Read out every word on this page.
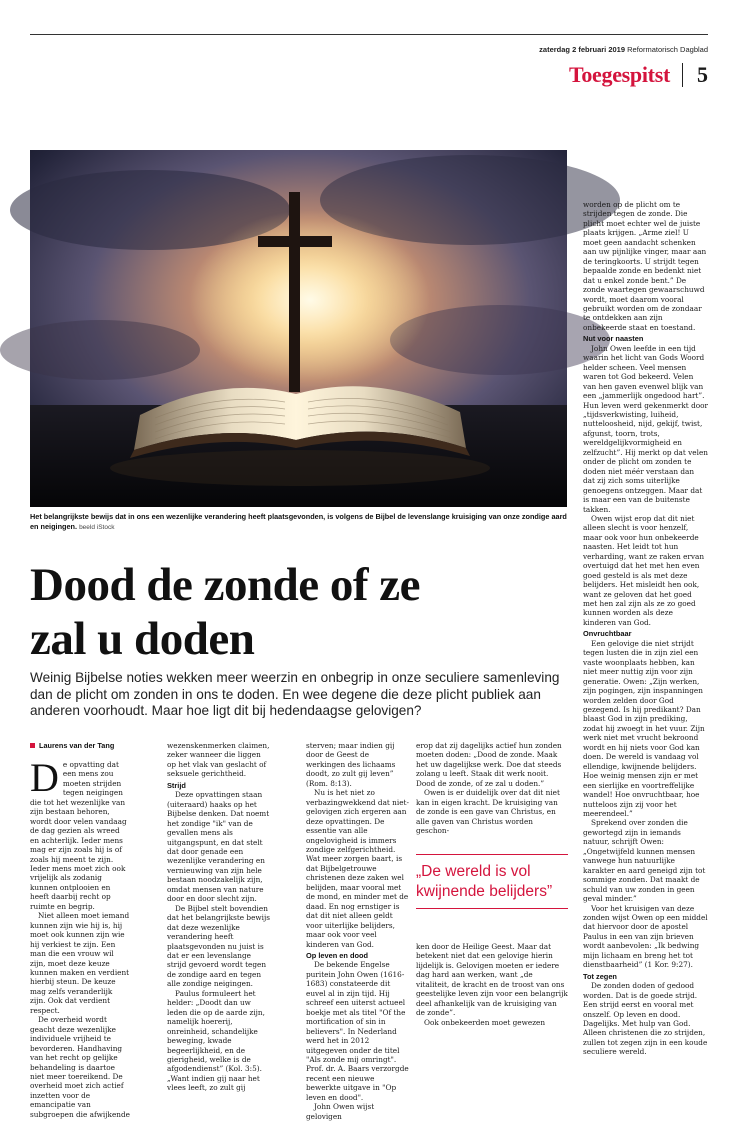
zaterdag 2 februari 2019 Reformatorisch Dagblad
Toegespitst 5
Het belangrijkste bewijs dat in ons een wezenlijke verandering heeft plaatsgevonden, is volgens de Bijbel de levenslange kruisiging van onze zondige aard en neigingen. beeld iStock
Dood de zonde of ze
zal u doden
Weinig Bijbelse noties wekken meer weerzin en onbegrip in onze seculiere samenleving dan de plicht om zonden in ons te doden. En wee degene die deze plicht publiek aan anderen voorhoudt. Maar hoe ligt dit bij hedendaagse gelovigen?
Laurens van der Tang

De opvatting dat een mens zou moeten strijden tegen neigingen die tot het wezenlijke van zijn bestaan behoren, wordt door velen vandaag de dag gezien als wreed en achterlijk. Ieder mens mag er zijn zoals hij is of zoals hij meent te zijn. Ieder mens moet zich ook vrijelijk als zodanig kunnen ontplooien en heeft daarbij recht op ruimte en begrip.

Niet alleen moet iemand kunnen zijn wie hij is, hij moet ook kunnen zijn wie hij verkiest te zijn. Een man die een vrouw wil zijn, moet deze keuze kunnen maken en verdient hierbij steun. De keuze mag zelfs veranderlijk zijn. Ook dat verdient respect.

De overheid wordt geacht deze wezenlijke individuele vrijheid te bevorderen. Handhaving van het recht op gelijke behandeling is daartoe niet meer toereikend. De overheid moet zich actief inzetten voor de emancipatie van subgroepen die afwijkende

wezenskenmerken claimen, zeker wanneer die liggen op het vlak van geslacht of seksuele gerichtheid.

Strijd

Deze opvattingen staan (uiteraard) haaks op het Bijbelse denken. Dat noemt het zondige "ik" van de gevallen mens als uitgangspunt, en dat stelt dat door genade een wezenlijke verandering en vernieuwing van zijn hele bestaan noodzakelijk zijn, omdat mensen van nature door en door slecht zijn.

De Bijbel stelt bovendien dat het belangrijkste bewijs dat deze wezenlijke verandering heeft plaatsgevonden nu juist is dat er een levenslange strijd gevoerd wordt tegen de zondige aard en tegen alle zondige neigingen.

Paulus formuleert het helder: „Doodt dan uw leden die op de aarde zijn, namelijk hoererij, onreinheid, schandelijke beweging, kwade begeerlijkheid, en de gierigheid, welke is de afgodendienst” (Kol. 3:5). „Want indien gij naar het vlees leeft, zo zult gij

sterven; maar indien gij door de Geest de werkingen des lichaams doodt, zo zult gij leven” (Rom. 8:13).

Nu is het niet zo verbazingwekkend dat niet-gelovigen zich ergeren aan deze opvattingen. De essentie van alle ongelovigheid is immers zondige zelfgerichtheid. Wat meer zorgen baart, is dat Bijbelgetrouwe christenen deze zaken wel belijden, maar vooral met de mond, en minder met de daad. En nog ernstiger is dat dit niet alleen geldt voor uiterlijke belijders, maar ook voor veel kinderen van God.

Op leven en dood

De bekende Engelse puritein John Owen (1616-1683) constateerde dit euvel al in zijn tijd. Hij schreef een uiterst actueel boekje met als titel "Of the mortification of sin in believers". In Nederland werd het in 2012 uitgegeven onder de titel "Als zonde mij omringt". Prof. dr. A. Baars verzorgde recent een nieuwe bewerkte uitgave in "Op leven en dood".

John Owen wijst gelovigen

erop dat zij dagelijks actief hun zonden moeten doden: „Dood de zonde. Maak het uw dagelijkse werk. Doe dat steeds zolang u leeft. Staak dit werk nooit. Dood de zonde, of ze zal u doden.”

Owen is er duidelijk over dat dit niet kan in eigen kracht. De kruisiging van de zonde is een gave van Christus, en alle gaven van Christus worden geschon-

„De wereld is vol kwijnende belijders”

ken door de Heilige Geest. Maar dat betekent niet dat een gelovige hierin lijdelijk is. Gelovigen moeten er iedere dag hard aan werken, want „de vitaliteit, de kracht en de troost van ons geestelijke leven zijn voor een belangrijk deel afhankelijk van de kruisiging van de zonde”.

Ook onbekeerden moet gewezen

worden op de plicht om te strijden tegen de zonde. Die plicht moet echter wel de juiste plaats krijgen. „Arme ziel! U moet geen aandacht schenken aan uw pijnlijke vinger, maar aan de teringkoorts. U strijdt tegen bepaalde zonde en bedenkt niet dat u enkel zonde bent.” De zonde waartegen gewaarschuwd wordt, moet daarom vooral gebruikt worden om de zondaar te ontdekken aan zijn onbekeerde staat en toestand.

Nut voor naasten

John Owen leefde in een tijd waarin het licht van Gods Woord helder scheen. Veel mensen waren tot God bekeerd. Velen van hen gaven evenwel blijk van een „jammerlijk ongedood hart”. Hun leven werd gekenmerkt door „tijdsverkwisting, luiheid, nutteloosheid, nijd, gekijf, twist, afgunst, toorn, trots, wereldgelijkvormigheid en zelfzucht”. Hij merkt op dat velen onder de plicht om zonden te doden niet méér verstaan dan dat zij zich soms uiterlijke genoegens ontzeggen. Maar dat is maar een van de buitenste takken.

Owen wijst erop dat dit niet alleen slecht is voor henzelf, maar ook voor hun onbekeerde naasten. Het leidt tot hun verharding, want ze raken ervan overtuigd dat het met hen even goed gesteld is als met deze belijders. Het misleidt hen ook, want ze geloven dat het goed met hen zal zijn als ze zo goed kunnen worden als deze kinderen van God.

Onvruchtbaar

Een gelovige die niet strijdt tegen lusten die in zijn ziel een vaste woonplaats hebben, kan niet meer nuttig zijn voor zijn generatie. Owen: „Zijn werken, zijn pogingen, zijn inspanningen worden zelden door God gezegend. Is hij predikant? Dan blaast God in zijn prediking, zodat hij zwoegt in het vuur. Zijn werk niet met vrucht bekroond wordt en hij niets voor God kan doen. De wereld is vandaag vol ellendige, kwijnende belijders. Hoe weinig mensen zijn er met een sierlijke en voortreffelijke wandel! Hoe onvruchtbaar, hoe nutteloos zijn zij voor het meerendeel.”

Sprekend over zonden die gewortegd zijn in iemands natuur, schrijft Owen: „Ongetwijfeld kunnen mensen vanwege hun natuurlijke karakter en aard geneigd zijn tot sommige zonden. Dat maakt de schuld van uw zonden in geen geval minder.”

Voor het kruisigen van deze zonden wijst Owen op een middel dat hiervoor door de apostel Paulus in een van zijn brieven wordt aanbevolen: „Ik bedwing mijn lichaam en breng het tot dienstbaarheid” (1 Kor. 9:27).

Tot zegen

De zonden doden of gedood worden. Dat is de goede strijd. Een strijd eerst en vooral met onszelf. Op leven en dood. Dagelijks. Met hulp van God. Alleen christenen die zo strijden, zullen tot zegen zijn in een koude seculiere wereld.
